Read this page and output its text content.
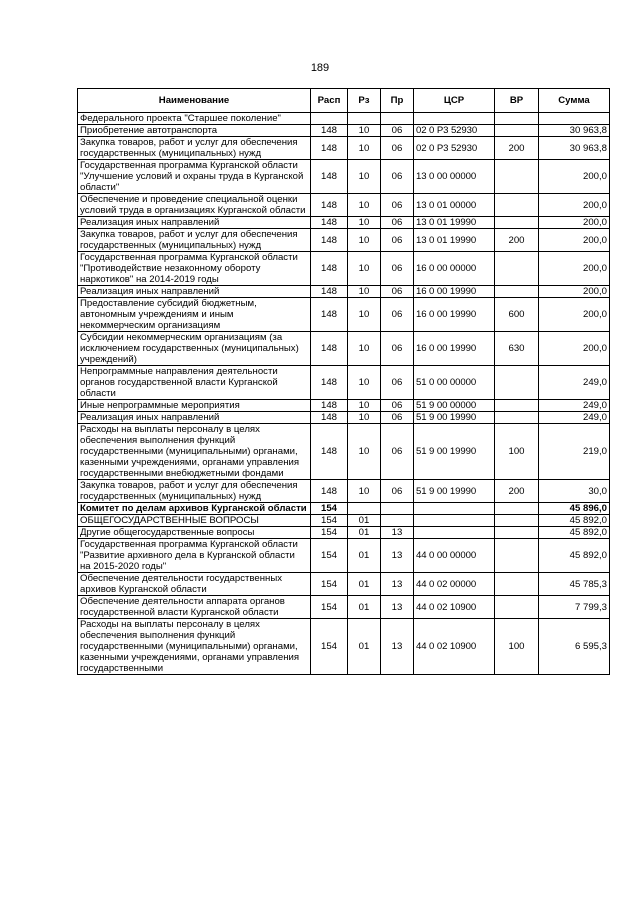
189
Наименование	Расп	Рз	Пр	ЦСР	ВР	Сумма
Федерального проекта "Старшее поколение"						
Приобретение автотранспорта	148	10	06	02 0 P3 52930		30 963,8
Закупка товаров, работ и услуг для обеспечения государственных (муниципальных) нужд	148	10	06	02 0 P3 52930	200	30 963,8
Государственная программа Курганской области "Улучшение условий и охраны труда в Курганской области"	148	10	06	13 0 00 00000		200,0
Обеспечение и проведение специальной оценки условий труда в организациях Курганской области	148	10	06	13 0 01 00000		200,0
Реализация иных направлений	148	10	06	13 0 01 19990		200,0
Закупка товаров, работ и услуг для обеспечения государственных (муниципальных) нужд	148	10	06	13 0 01 19990	200	200,0
Государственная программа Курганской области "Противодействие незаконному обороту наркотиков" на 2014-2019 годы	148	10	06	16 0 00 00000		200,0
Реализация иных направлений	148	10	06	16 0 00 19990		200,0
Предоставление субсидий бюджетным, автономным учреждениям и иным некоммерческим организациям	148	10	06	16 0 00 19990	600	200,0
Субсидии некоммерческим организациям (за исключением государственных (муниципальных) учреждений)	148	10	06	16 0 00 19990	630	200,0
Непрограммные направления деятельности органов государственной власти Курганской области	148	10	06	51 0 00 00000		249,0
Иные непрограммные мероприятия	148	10	06	51 9 00 00000		249,0
Реализация иных направлений	148	10	06	51 9 00 19990		249,0
Расходы на выплаты персоналу в целях обеспечения выполнения функций государственными (муниципальными) органами, казенными учреждениями, органами управления государственными внебюджетными фондами	148	10	06	51 9 00 19990	100	219,0
Закупка товаров, работ и услуг для обеспечения государственных (муниципальных) нужд	148	10	06	51 9 00 19990	200	30,0
Комитет по делам архивов Курганской области	154					45 896,0
ОБЩЕГОСУДАРСТВЕННЫЕ ВОПРОСЫ	154	01				45 892,0
Другие общегосударственные вопросы	154	01	13			45 892,0
Государственная программа Курганской области "Развитие архивного дела в Курганской области на 2015-2020 годы"	154	01	13	44 0 00 00000		45 892,0
Обеспечение деятельности государственных архивов Курганской области	154	01	13	44 0 02 00000		45 785,3
Обеспечение деятельности аппарата органов государственной власти Курганской области	154	01	13	44 0 02 10900		7 799,3
Расходы на выплаты персоналу в целях обеспечения выполнения функций государственными (муниципальными) органами, казенными учреждениями, органами управления государственными	154	01	13	44 0 02 10900	100	6 595,3
